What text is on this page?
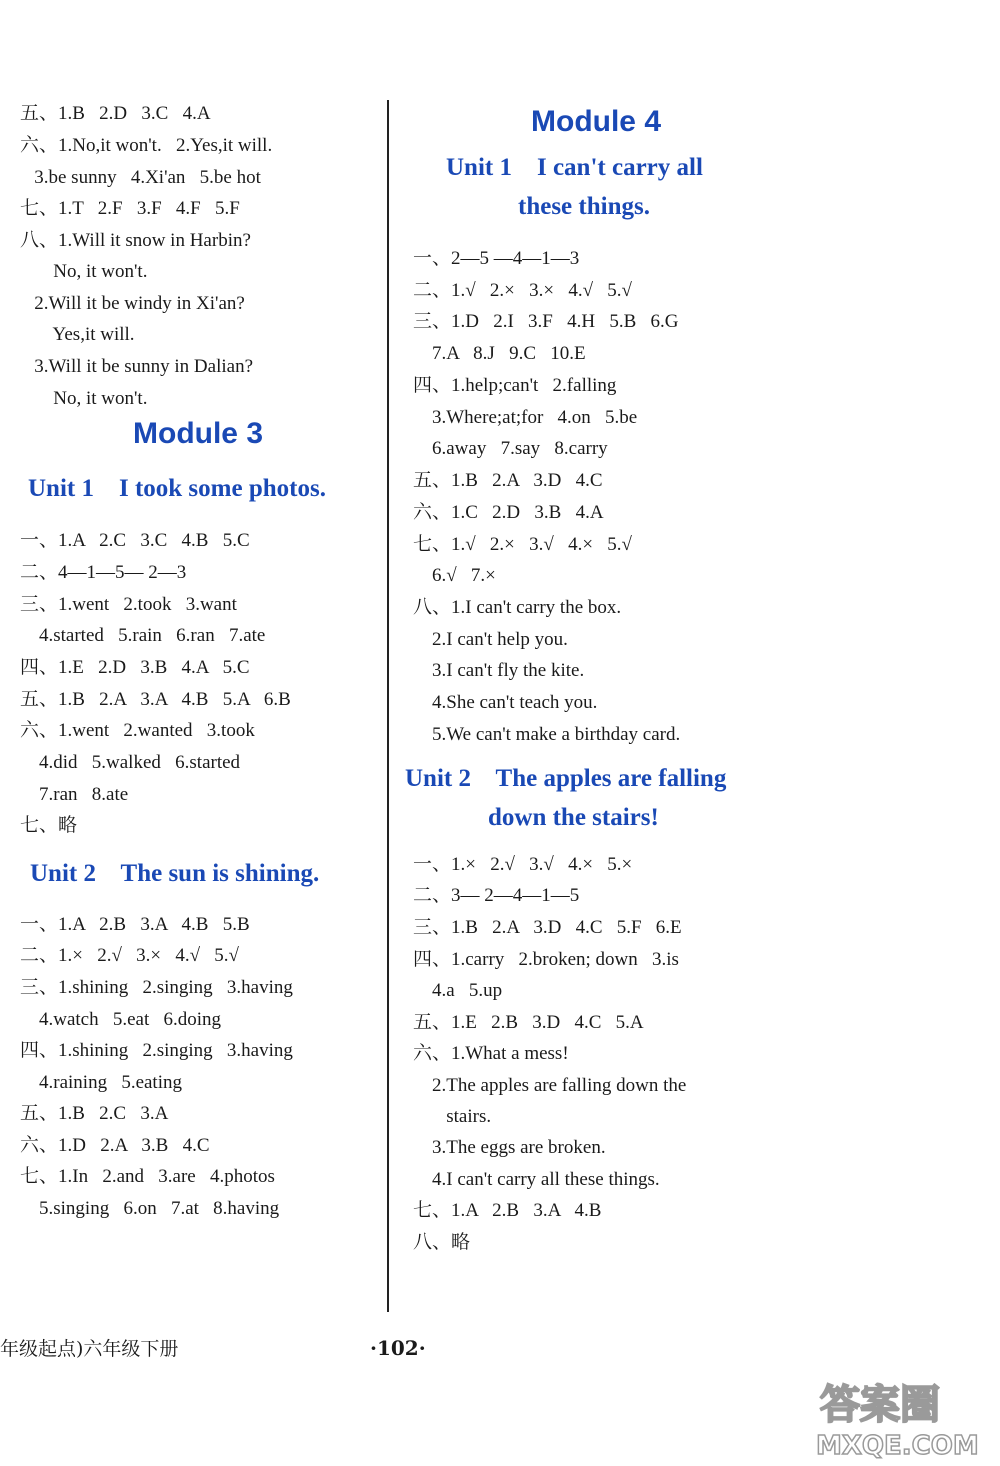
五、1.B   2.D   3.C   4.A
六、1.No,it won't.   2.Yes,it will.
3.be sunny   4.Xi'an   5.be hot
七、1.T   2.F   3.F   4.F   5.F
八、1.Will it snow in Harbin?
No, it won't.
2.Will it be windy in Xi'an?
Yes,it will.
3.Will it be sunny in Dalian?
No, it won't.
Module 3
Unit 1    I took some photos.
一、1.A   2.C   3.C   4.B   5.C
二、4—1—5— 2—3
三、1.went   2.took   3.want
4.started   5.rain   6.ran   7.ate
四、1.E   2.D   3.B   4.A   5.C
五、1.B   2.A   3.A   4.B   5.A   6.B
六、1.went   2.wanted   3.took
4.did   5.walked   6.started
7.ran   8.ate
七、略
Unit 2    The sun is shining.
一、1.A   2.B   3.A   4.B   5.B
二、1.×   2.√   3.×   4.√   5.√
三、1.shining   2.singing   3.having
4.watch   5.eat   6.doing
四、1.shining   2.singing   3.having
4.raining   5.eating
五、1.B   2.C   3.A
六、1.D   2.A   3.B   4.C
七、1.In   2.and   3.are   4.photos
5.singing   6.on   7.at   8.having
Module 4
Unit 1    I can't carry all
these things.
一、2—5 —4—1—3
二、1.√   2.×   3.×   4.√   5.√
三、1.D   2.I   3.F   4.H   5.B   6.G
7.A   8.J   9.C   10.E
四、1.help;can't   2.falling
3.Where;at;for   4.on   5.be
6.away   7.say   8.carry
五、1.B   2.A   3.D   4.C
六、1.C   2.D   3.B   4.A
七、1.√   2.×   3.√   4.×   5.√
6.√   7.×
八、1.I can't carry the box.
2.I can't help you.
3.I can't fly the kite.
4.She can't teach you.
5.We can't make a birthday card.
Unit 2    The apples are falling
down the stairs!
一、1.×   2.√   3.√   4.×   5.×
二、3— 2—4—1—5
三、1.B   2.A   3.D   4.C   5.F   6.E
四、1.carry   2.broken; down   3.is
4.a   5.up
五、1.E   2.B   3.D   4.C   5.A
六、1.What a mess!
2.The apples are falling down the
stairs.
3.The eggs are broken.
4.I can't carry all these things.
七、1.A   2.B   3.A   4.B
八、略
年级起点)六年级下册	·102·
答案圈
MXQE.COM
